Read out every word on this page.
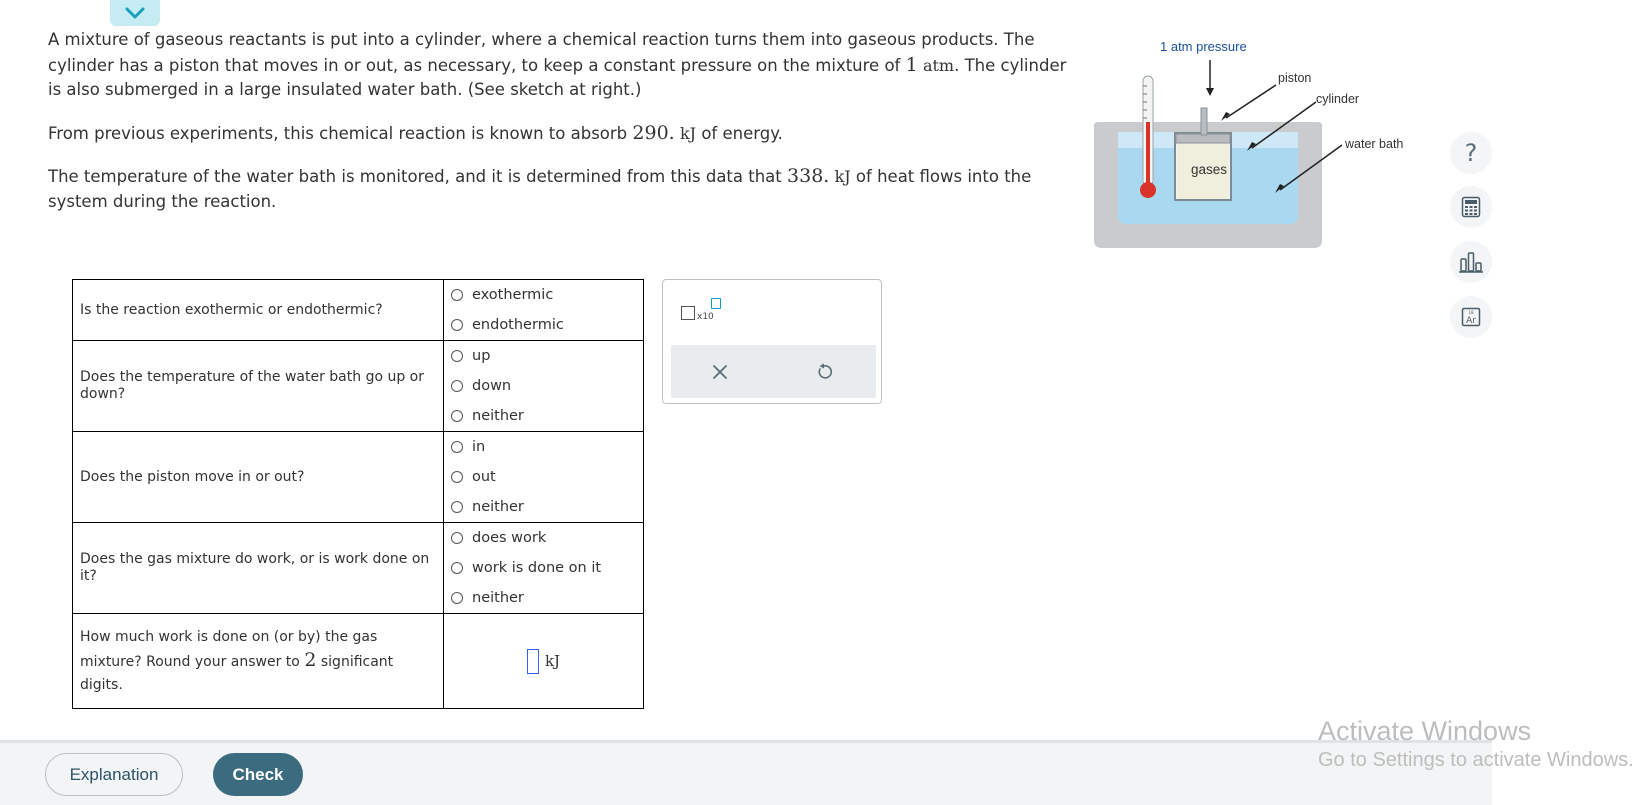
A mixture of gaseous reactants is put into a cylinder, where a chemical reaction turns them into gaseous products. The cylinder has a piston that moves in or out, as necessary, to keep a constant pressure on the mixture of 1 atm. The cylinder is also submerged in a large insulated water bath. (See sketch at right.)

From previous experiments, this chemical reaction is known to absorb 290. kJ of energy.

The temperature of the water bath is monitored, and it is determined from this data that 338. kJ of heat flows into the system during the reaction.

1 atm pressure
piston
cylinder
water bath
gases
?
Ar
18
Is the reaction exothermic or endothermic?	exothermic
endothermic

Does the temperature of the water bath go up or down?	up
down
neither

Does the piston move in or out?	in
out
neither

Does the gas mixture do work, or is work done on it?	does work
work is done on it
neither

How much work is done on (or by) the gas mixture? Round your answer to 2 significant digits.	kJ
x10
Explanation	Check
Activate Windows
Go to Settings to activate Windows.
